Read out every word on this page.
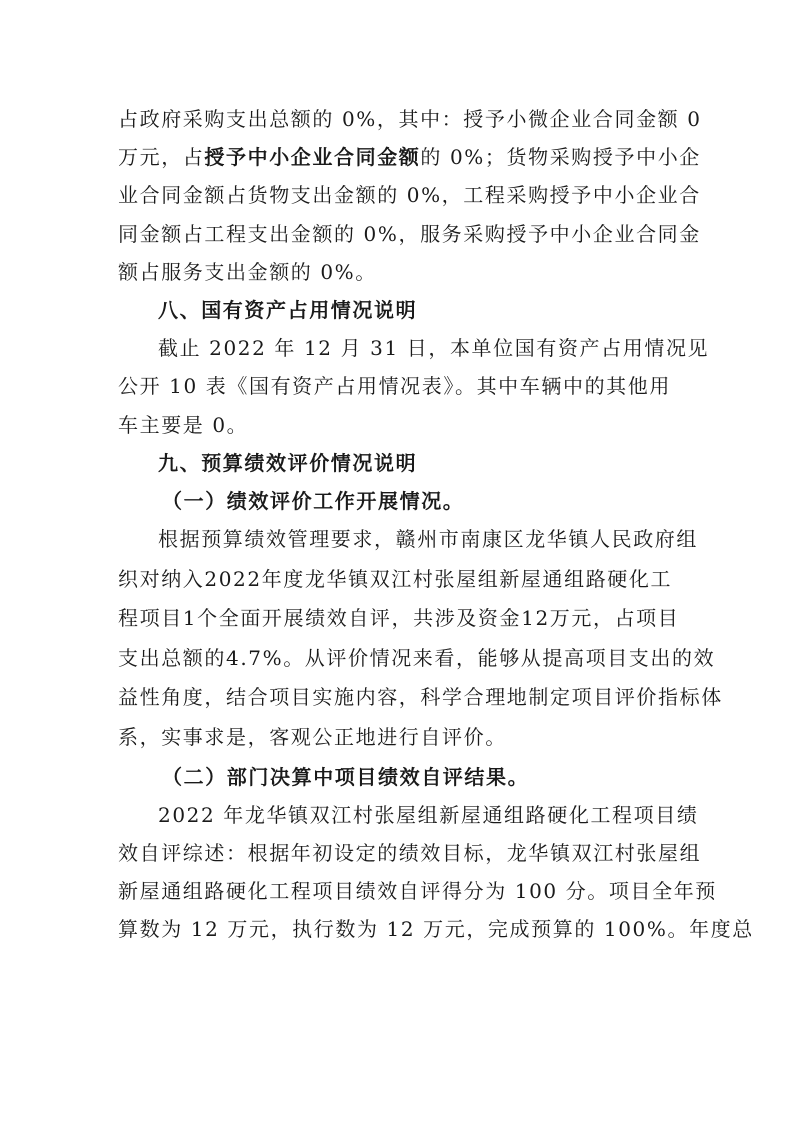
占政府采购支出总额的 0%，其中：授予小微企业合同金额 0
万元，占授予中小企业合同金额的 0%；货物采购授予中小企
业合同金额占货物支出金额的 0%，工程采购授予中小企业合
同金额占工程支出金额的 0%，服务采购授予中小企业合同金
额占服务支出金额的 0%。
八、国有资产占用情况说明
截止 2022 年 12 月 31 日，本单位国有资产占用情况见
公开 10 表《国有资产占用情况表》。其中车辆中的其他用
车主要是 0。
九、预算绩效评价情况说明
（一）绩效评价工作开展情况。
根据预算绩效管理要求，赣州市南康区龙华镇人民政府组
织对纳入2022年度龙华镇双江村张屋组新屋通组路硬化工
程项目1个全面开展绩效自评，共涉及资金12万元，占项目
支出总额的4.7%。从评价情况来看，能够从提高项目支出的效
益性角度，结合项目实施内容，科学合理地制定项目评价指标体
系，实事求是，客观公正地进行自评价。
（二）部门决算中项目绩效自评结果。
2022 年龙华镇双江村张屋组新屋通组路硬化工程项目绩
效自评综述：根据年初设定的绩效目标，龙华镇双江村张屋组
新屋通组路硬化工程项目绩效自评得分为 100 分。项目全年预
算数为 12 万元，执行数为 12 万元，完成预算的 100%。年度总
